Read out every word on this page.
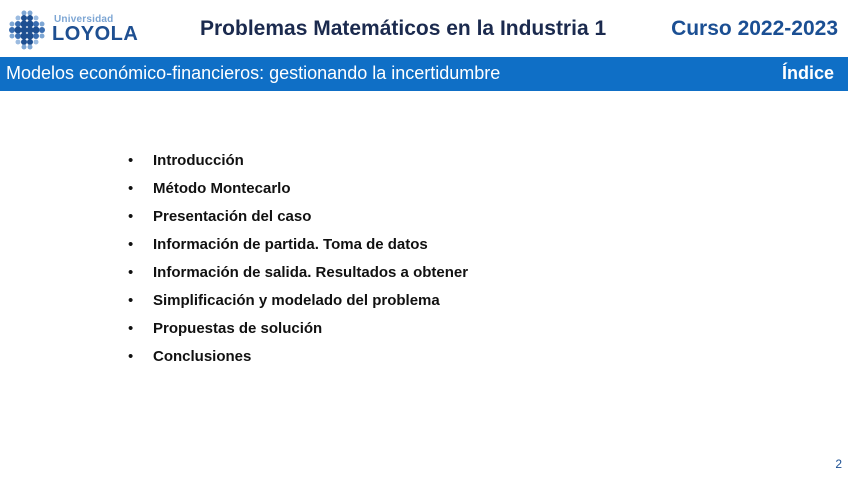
Universidad
LOYOLA	Problemas Matemáticos en la Industria 1	Curso 2022-2023
Modelos económico-financieros: gestionando la incertidumbre	Índice
• Introducción
• Método Montecarlo
• Presentación del caso
• Información de partida. Toma de datos
• Información de salida. Resultados a obtener
• Simplificación y modelado del problema
• Propuestas de solución
• Conclusiones
2
